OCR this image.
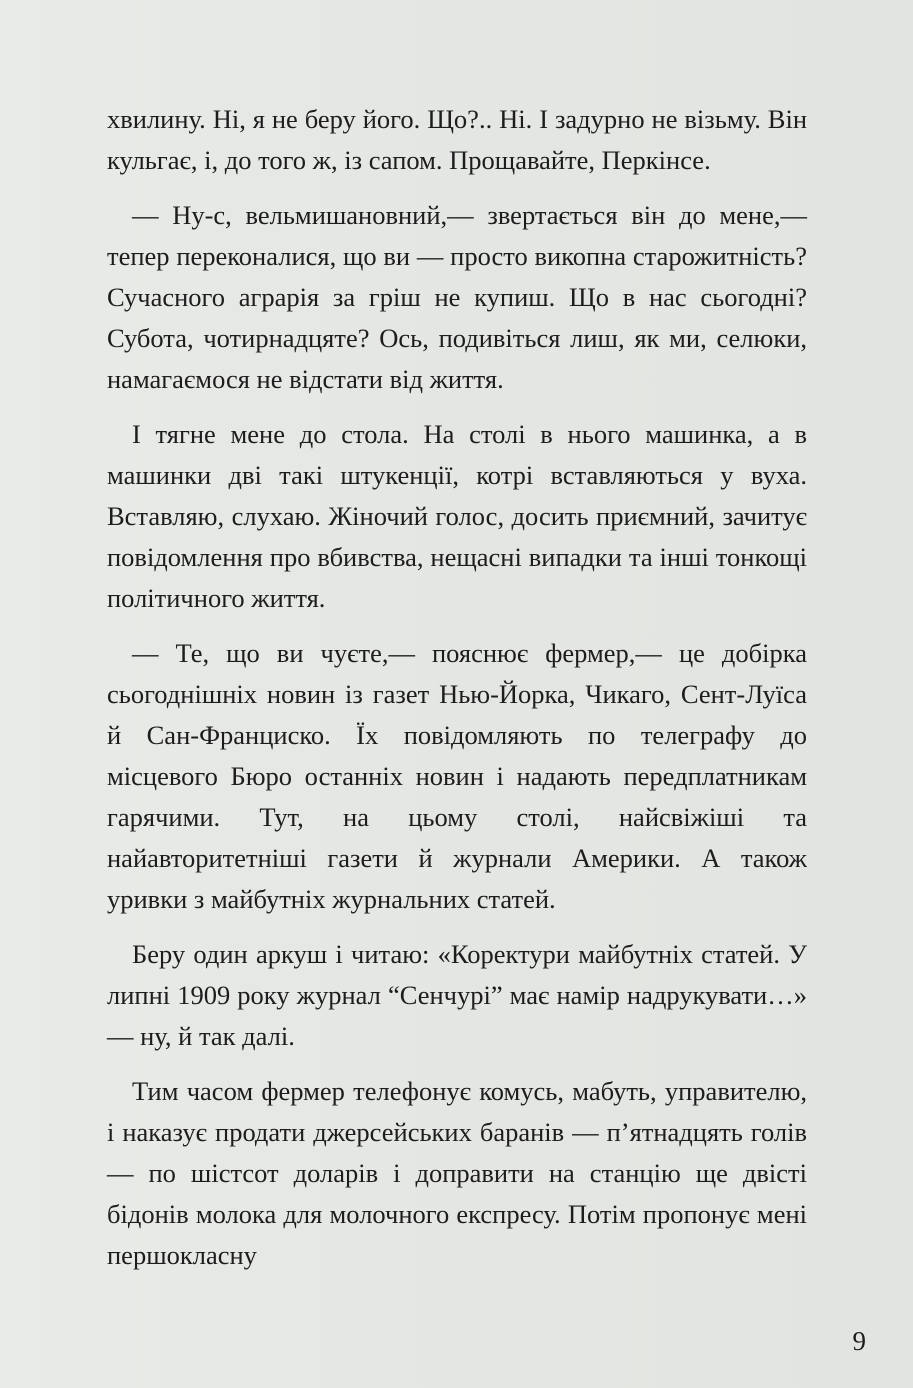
хвилину. Ні, я не беру його. Що?.. Ні. І задурно не візьму. Він кульгає, і, до того ж, із сапом. Прощавайте, Перкінсе.

— Ну-с, вельмишановний,— звертається він до мене,— тепер переконалися, що ви — просто викопна старожитність? Сучасного аграрія за гріш не купиш. Що в нас сьогодні? Субота, чотирнадцяте? Ось, подивіться лиш, як ми, селюки, намагаємося не відстати від життя.

І тягне мене до стола. На столі в нього машинка, а в машинки дві такі штукенції, котрі вставляються у вуха. Вставляю, слухаю. Жіночий голос, досить приємний, зачитує повідомлення про вбивства, нещасні випадки та інші тонкощі політичного життя.

— Те, що ви чуєте,— пояснює фермер,— це добірка сьогоднішніх новин із газет Нью-Йорка, Чикаго, Сент-Луїса й Сан-Франциско. Їх повідомляють по телеграфу до місцевого Бюро останніх новин і надають передплатникам гарячими. Тут, на цьому столі, найсвіжіші та найавторитетніші газети й журнали Америки. А також уривки з майбутніх журнальних статей.

Беру один аркуш і читаю: «Коректури майбутніх статей. У липні 1909 року журнал “Сенчурі” має намір надрукувати…» — ну, й так далі.

Тим часом фермер телефонує комусь, мабуть, управителю, і наказує продати джерсейських баранів — п’ятнадцять голів — по шістсот доларів і доправити на станцію ще двісті бідонів молока для молочного експресу. Потім пропонує мені першокласну

9
